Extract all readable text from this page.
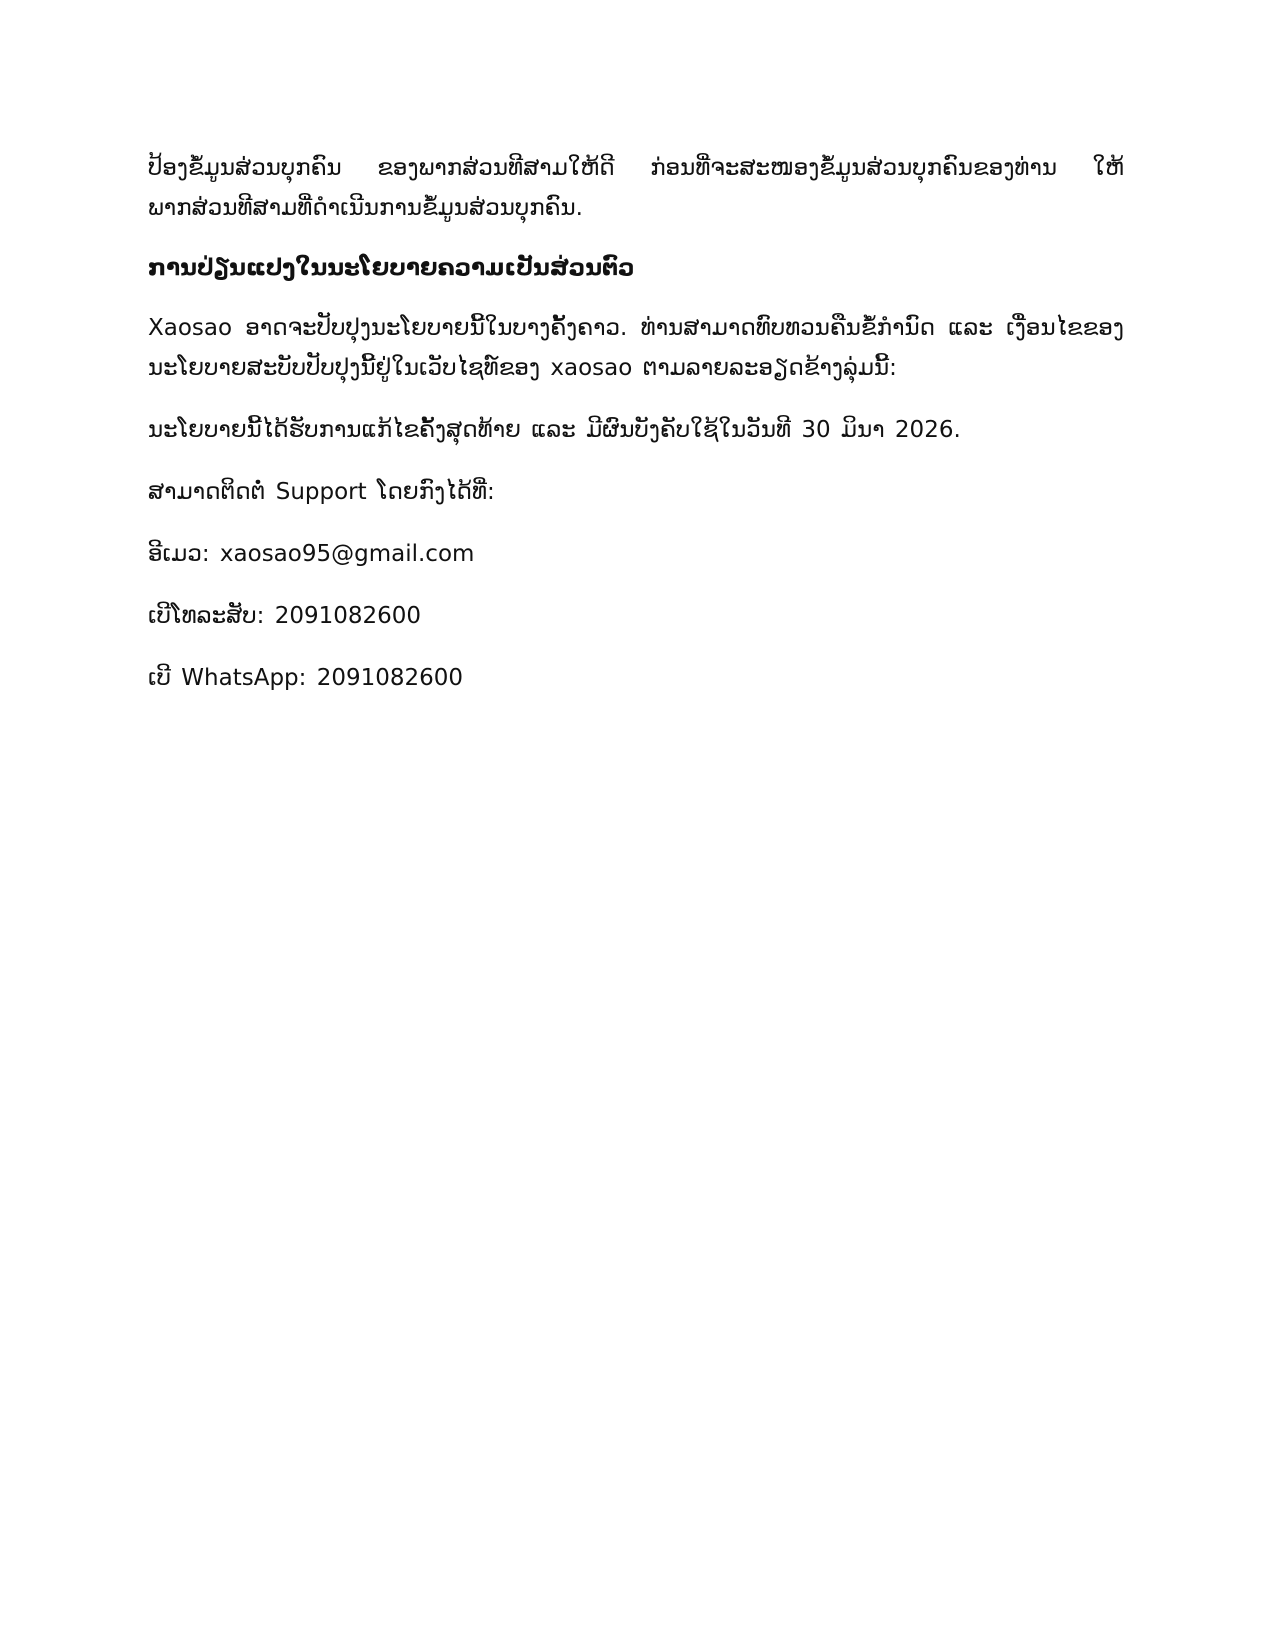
ປ້ອງຂໍ້ມູນສ່ວນບຸກຄົນ ຂອງພາກສ່ວນທີສາມໃຫ້ດີ ກ່ອນທີ່ຈະສະໜອງຂໍ້ມູນສ່ວນບຸກຄົນຂອງທ່ານ ໃຫ້ພາກສ່ວນທີສາມທີ່ດໍາເນີນການຂໍ້ມູນສ່ວນບຸກຄົນ.

ການປ່ຽນແປງໃນນະໂຍບາຍຄວາມເປັນສ່ວນຕົວ

Xaosao ອາດຈະປັບປຸງນະໂຍບາຍນີ້ໃນບາງຄັ້ງຄາວ. ທ່ານສາມາດທົບທວນຄືນຂໍ້ກໍານົດ ແລະ ເງື່ອນໄຂຂອງນະໂຍບາຍສະບັບປັບປຸງນີ້ຢູ່ໃນເວັບໄຊທ໌ຂອງ xaosao ຕາມລາຍລະອຽດຂ້າງລຸ່ມນີ້:

ນະໂຍບາຍນີ້ໄດ້ຮັບການແກ້ໄຂຄັ້ງສຸດທ້າຍ ແລະ ມີຜົນບັງຄັບໃຊ້ໃນວັນທີ 30 ມິນາ 2026.

ສາມາດຕິດຕໍ່ Support ໂດຍກົງໄດ້ທີ່:

ອີເມວ: xaosao95@gmail.com

ເບີໂທລະສັບ: 2091082600

ເບີ WhatsApp: 2091082600
